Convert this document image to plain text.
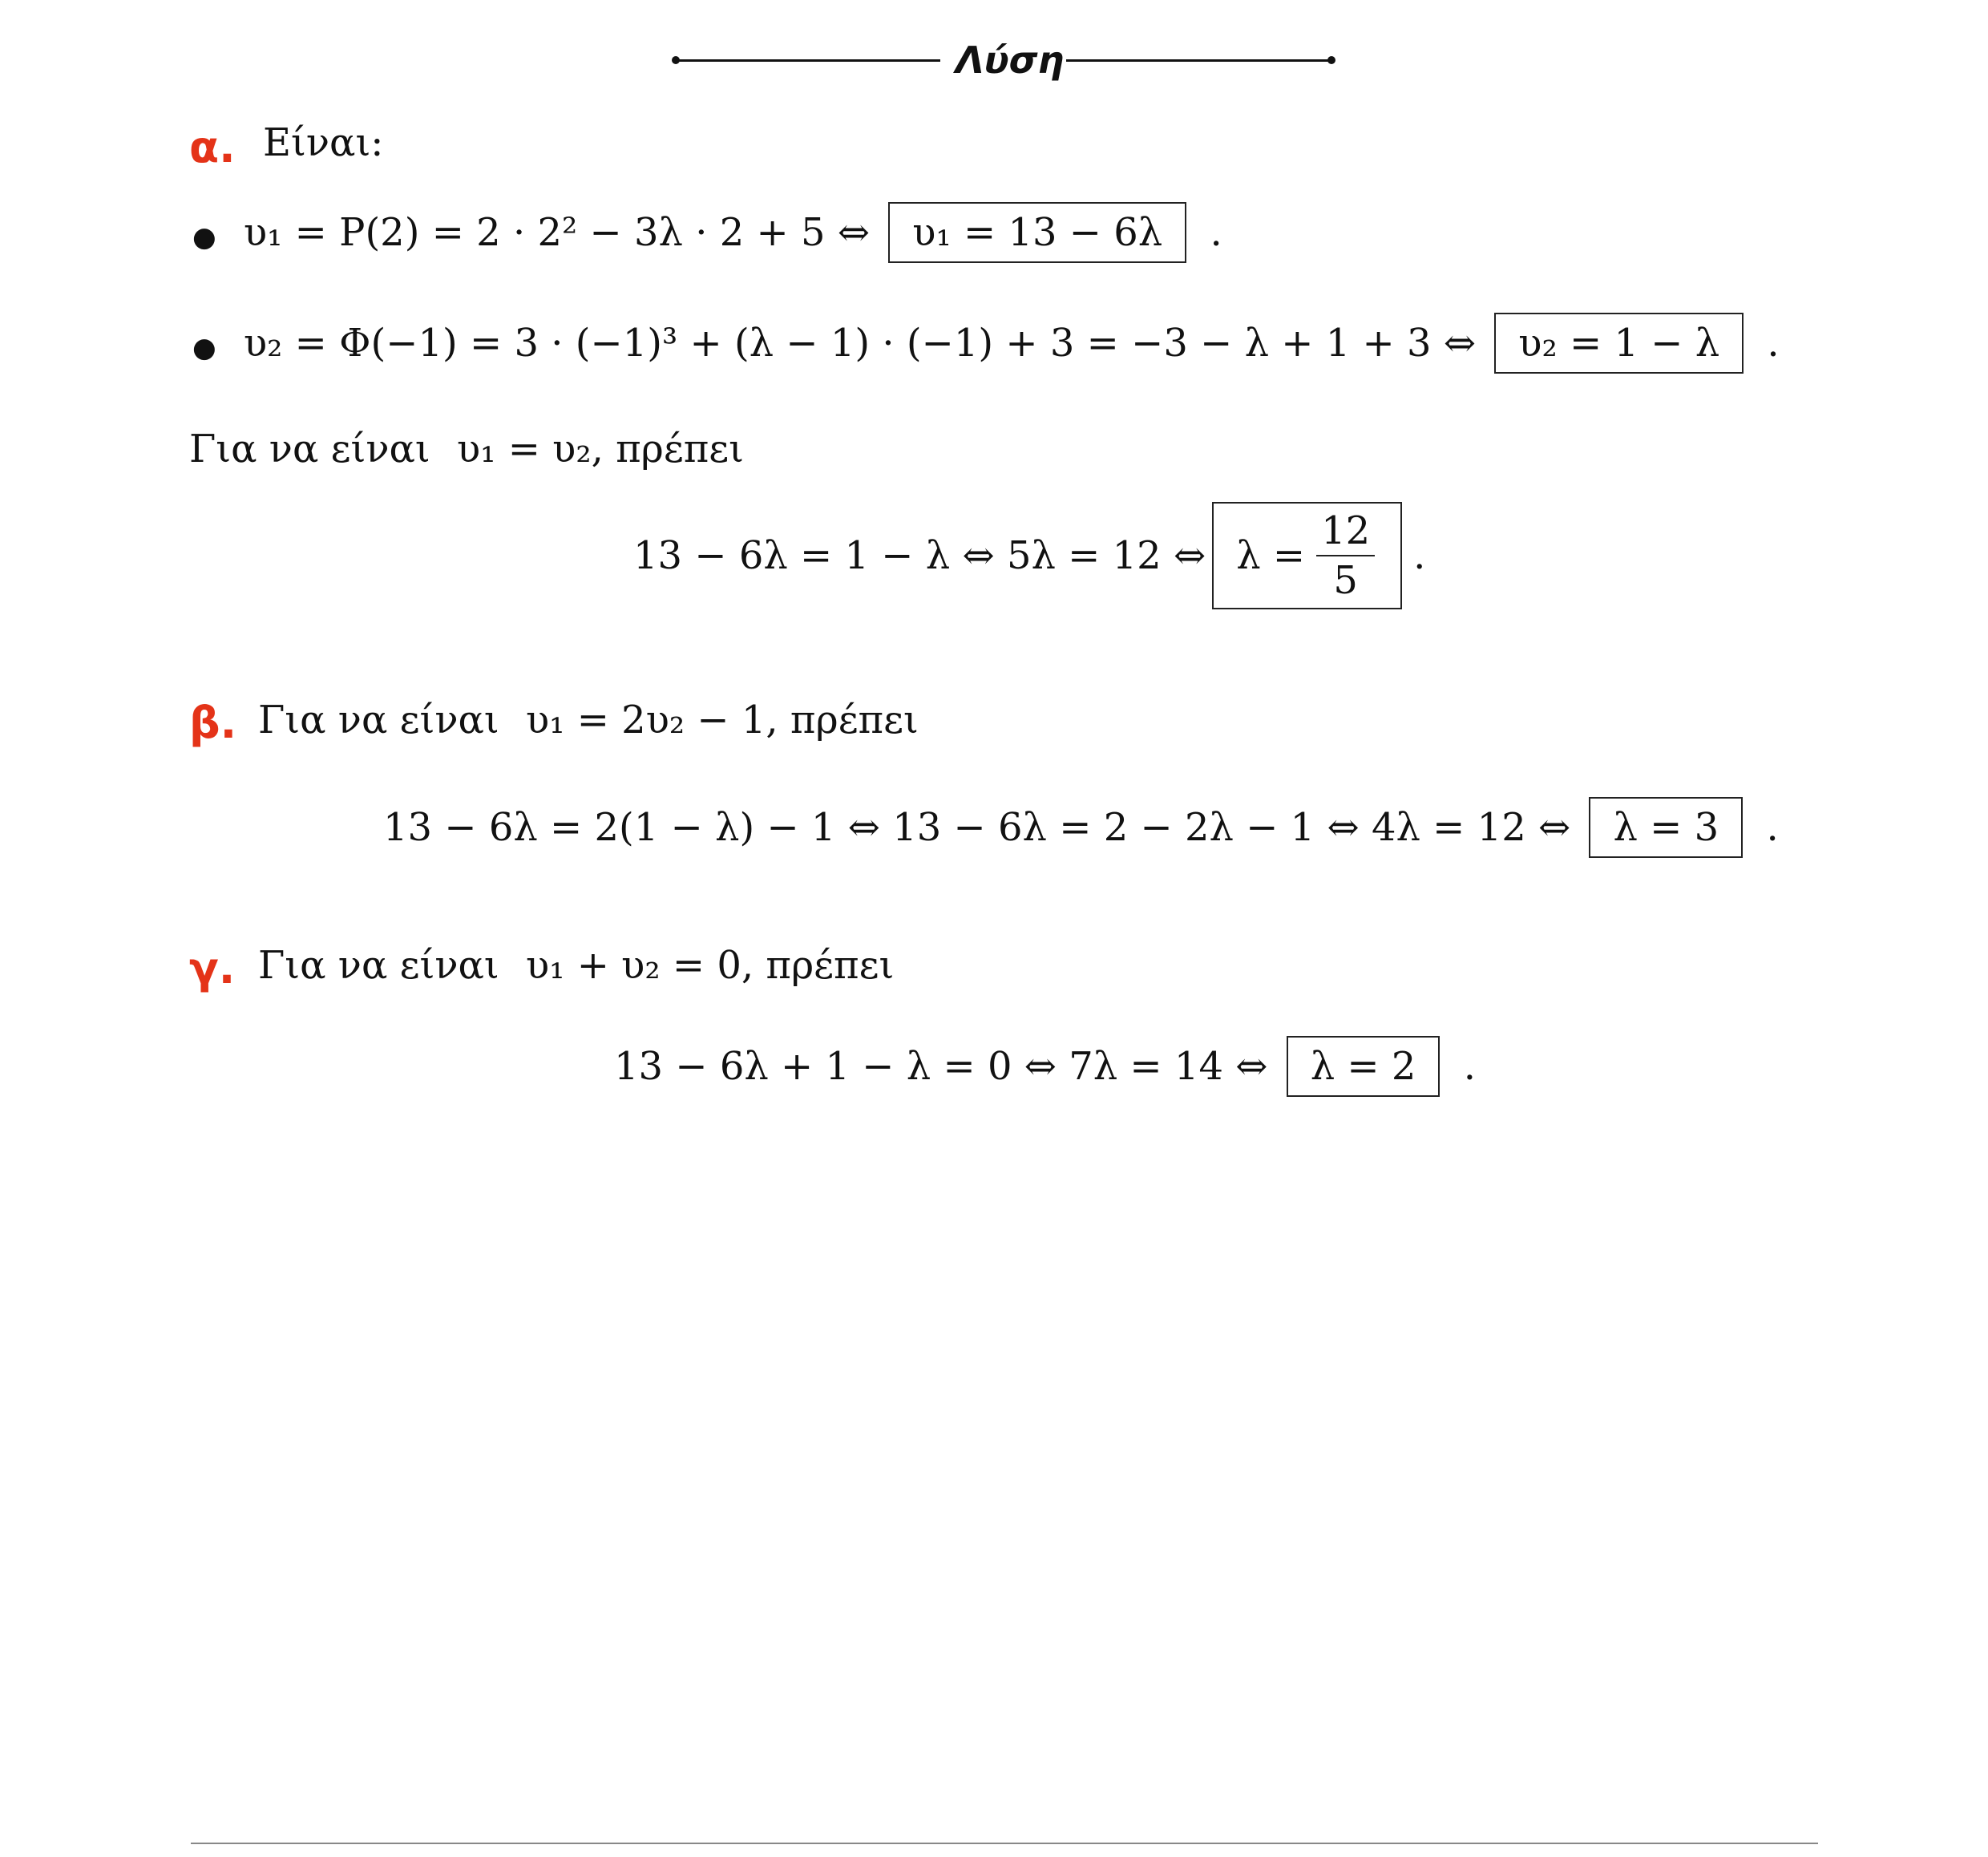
Λύση
α. Είναι:
● υ₁ = Ρ(2) = 2 · 2² − 3λ · 2 + 5 ⇔ υ₁ = 13 − 6λ .
● υ₂ = Φ(−1) = 3 · (−1)³ + (λ − 1) · (−1) + 3 = −3 − λ + 1 + 3 ⇔ υ₂ = 1 − λ .
Για να είναι υ₁ = υ₂, πρέπει
13 − 6λ = 1 − λ ⇔ 5λ = 12 ⇔ $\lambda = \frac{12}{5}$ .
β. Για να είναι υ₁ = 2υ₂ − 1, πρέπει
13 − 6λ = 2(1 − λ) − 1 ⇔ 13 − 6λ = 2 − 2λ − 1 ⇔ 4λ = 12 ⇔ λ = 3 .
γ. Για να είναι υ₁ + υ₂ = 0, πρέπει
13 − 6λ + 1 − λ = 0 ⇔ 7λ = 14 ⇔ λ = 2 .
